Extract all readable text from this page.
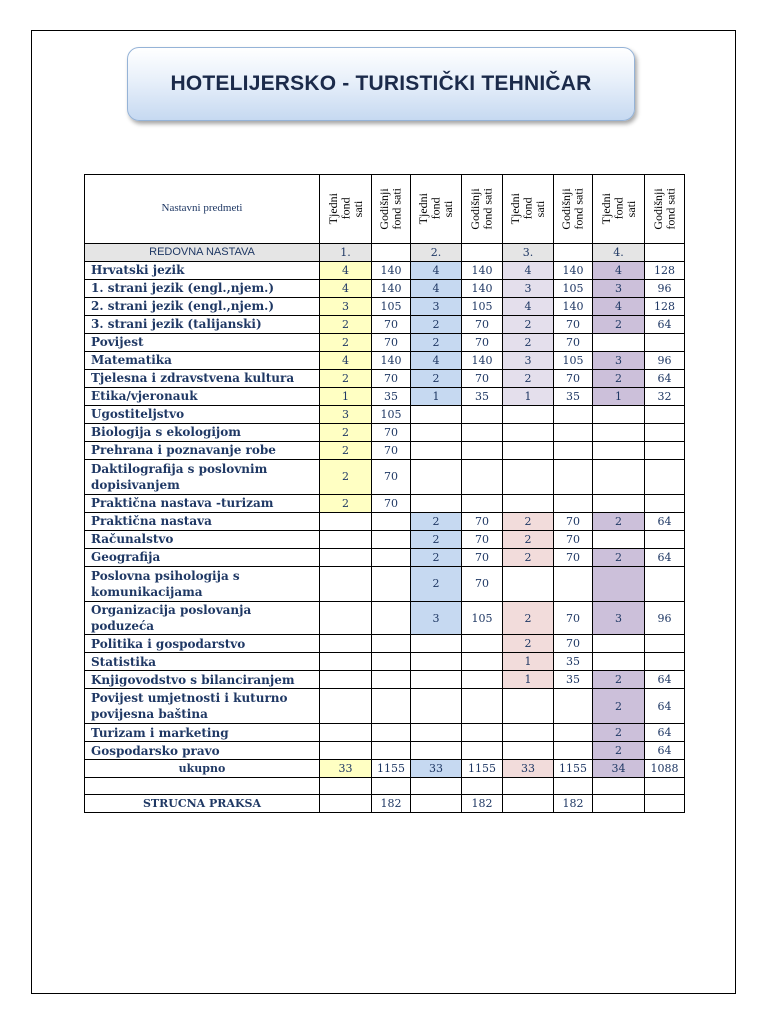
HOTELIJERSKO - TURISTIČKI TEHNIČAR
Nastavni predmeti	Tjedni
fond
sati	Godišnji
fond sati	Tjedni
fond
sati	Godišnji
fond sati	Tjedni
fond
sati	Godišnji
fond sati	Tjedni
fond
sati	Godišnji
fond sati

REDOVNA NASTAVA	1.		2.		3.		4.	
Hrvatski jezik	4	140	4	140	4	140	4	128
1. strani jezik (engl.,njem.)	4	140	4	140	3	105	3	96
2. strani jezik (engl.,njem.)	3	105	3	105	4	140	4	128
3. strani jezik (talijanski)	2	70	2	70	2	70	2	64
Povijest	2	70	2	70	2	70		
Matematika	4	140	4	140	3	105	3	96
Tjelesna i zdravstvena kultura	2	70	2	70	2	70	2	64
Etika/vjeronauk	1	35	1	35	1	35	1	32
Ugostiteljstvo	3	105						
Biologija s ekologijom	2	70						
Prehrana i poznavanje robe	2	70						
Daktilografija s poslovnim dopisivanjem	2	70						
Praktična nastava -turizam	2	70						
Praktična nastava			2	70	2	70	2	64
Računalstvo			2	70	2	70		
Geografija			2	70	2	70	2	64
Poslovna psihologija s komunikacijama			2	70				
Organizacija poslovanja poduzeća			3	105	2	70	3	96
Politika i gospodarstvo					2	70		
Statistika					1	35		
Knjigovodstvo s bilanciranjem					1	35	2	64
Povijest umjetnosti i kuturno povijesna baština							2	64
Turizam i marketing							2	64
Gospodarsko pravo							2	64
ukupno	33	1155	33	1155	33	1155	34	1088

STRUCNA PRAKSA		182		182		182		
